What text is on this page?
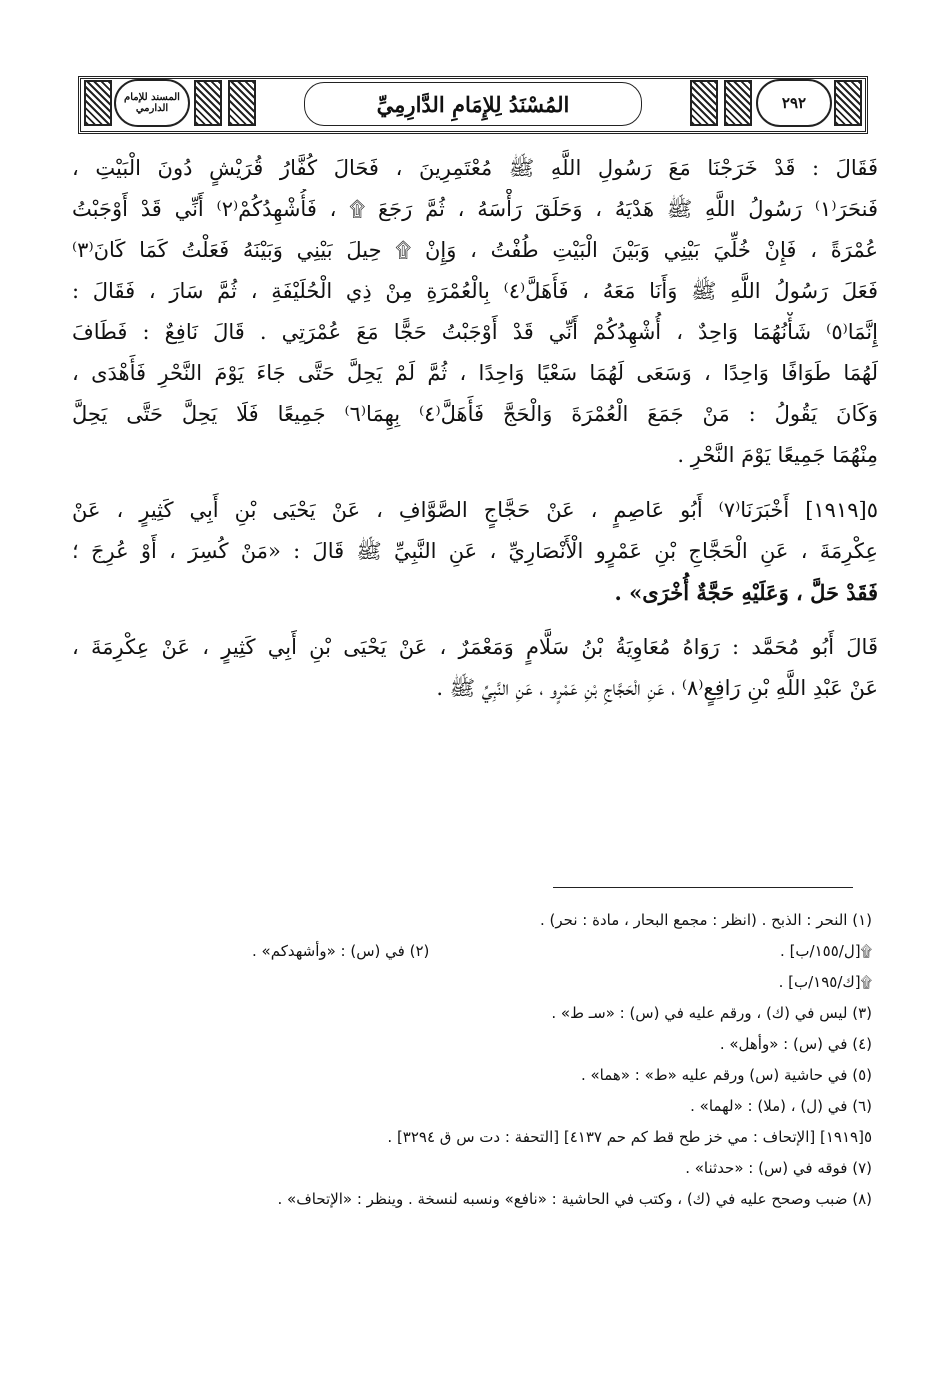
المسند للإمام الدارمي	المُسْنَدُ لِلإِمَامِ الدَّارِمِيِّ	٢٩٢
فَقَالَ : قَدْ خَرَجْنَا مَعَ رَسُولِ اللَّهِ ﷺ مُعْتَمِرِينَ ، فَحَالَ كُفَّارُ قُرَيْشٍ دُونَ الْبَيْتِ ،
فَنحَرَ⁽١⁾ رَسُولُ اللَّهِ ﷺ هَدْيَهُ ، وَحَلَقَ رَأْسَهُ ، ثُمَّ رَجَعَ ۩ ، فَأُشْهِدُكُمْ⁽٢⁾ أَنِّي قَدْ أَوْجَبْتُ
عُمْرَةً ، فَإِنْ خُلِّيَ بَيْنِي وَبَيْنَ الْبَيْتِ طُفْتُ ، وَإِنْ ۩ حِيلَ بَيْنِي وَبَيْنَهُ فَعَلْتُ كَمَا كَانَ⁽٣⁾
فَعَلَ رَسُولُ اللَّهِ ﷺ وَأَنَا مَعَهُ ، فَأَهَلَّ⁽٤⁾ بِالْعُمْرَةِ مِنْ ذِي الْحُلَيْفَةِ ، ثُمَّ سَارَ ، فَقَالَ :
إِنَّمَا⁽٥⁾ شَأْنُهُمَا وَاحِدٌ ، أُشْهِدُكُمْ أَنِّي قَدْ أَوْجَبْتُ حَجًّا مَعَ عُمْرَتِي . قَالَ نَافِعٌ : فَطَافَ
لَهُمَا طَوَافًا وَاحِدًا ، وَسَعَى لَهُمَا سَعْيًا وَاحِدًا ، ثُمَّ لَمْ يَحِلَّ حَتَّى جَاءَ يَوْمَ النَّحْرِ فَأَهْدَى ،
وَكَانَ يَقُولُ : مَنْ جَمَعَ الْعُمْرَةَ وَالْحَجَّ فَأَهَلَّ⁽٤⁾ بِهِمَا⁽٦⁾ جَمِيعًا فَلَا يَحِلَّ حَتَّى يَحِلَّ
مِنْهُمَا جَمِيعًا يَوْمَ النَّحْرِ .
٥[١٩١٩] أَخْبَرَنَا⁽٧⁾ أَبُو عَاصِمٍ ، عَنْ حَجَّاجٍ الصَّوَّافِ ، عَنْ يَحْيَى بْنِ أَبِي كَثِيرٍ ، عَنْ
عِكْرِمَةَ ، عَنِ الْحَجَّاجِ بْنِ عَمْرٍو الْأَنْصَارِيِّ ، عَنِ النَّبِيِّ ﷺ قَالَ : «مَنْ كُسِرَ ، أَوْ عُرِجَ ؛
فَقَدْ حَلَّ ، وَعَلَيْهِ حَجَّةٌ أُخْرَى» .
قَالَ أَبُو مُحَمَّد : رَوَاهُ مُعَاوِيَةُ بْنُ سَلَّامٍ وَمَعْمَرٌ ، عَنْ يَحْيَى بْنِ أَبِي كَثِيرٍ ، عَنْ عِكْرِمَةَ ،
عَنْ عَبْدِ اللَّهِ بْنِ رَافِعٍ⁽٨⁾ ، عَنِ الْحَجَّاجِ بْنِ عَمْرٍو ، عَنِ النَّبِيِّ ﷺ .
(١) النحر : الذبح . (انظر : مجمع البحار ، مادة : نحر) .
۩[ل/١٥٥/ب] .
(٢) في (س) : «وأشهدكم» .
۩[ك/١٩٥/ب] .
(٣) ليس في (ك) ، ورقم عليه في (س) : «سـ ط» .
(٤) في (س) : «وأهل» .
(٥) في حاشية (س) ورقم عليه «ط» : «هما» .
(٦) في (ل) ، (ملا) : «لهما» .
٥[١٩١٩] [الإتحاف : مي خز طح قط كم حم ٤١٣٧] [التحفة : دت س ق ٣٢٩٤] .
(٧) فوقه في (س) : «حدثنا» .
(٨) ضبب وصحح عليه في (ك) ، وكتب في الحاشية : «نافع» ونسبه لنسخة . وينظر : «الإتحاف» .
